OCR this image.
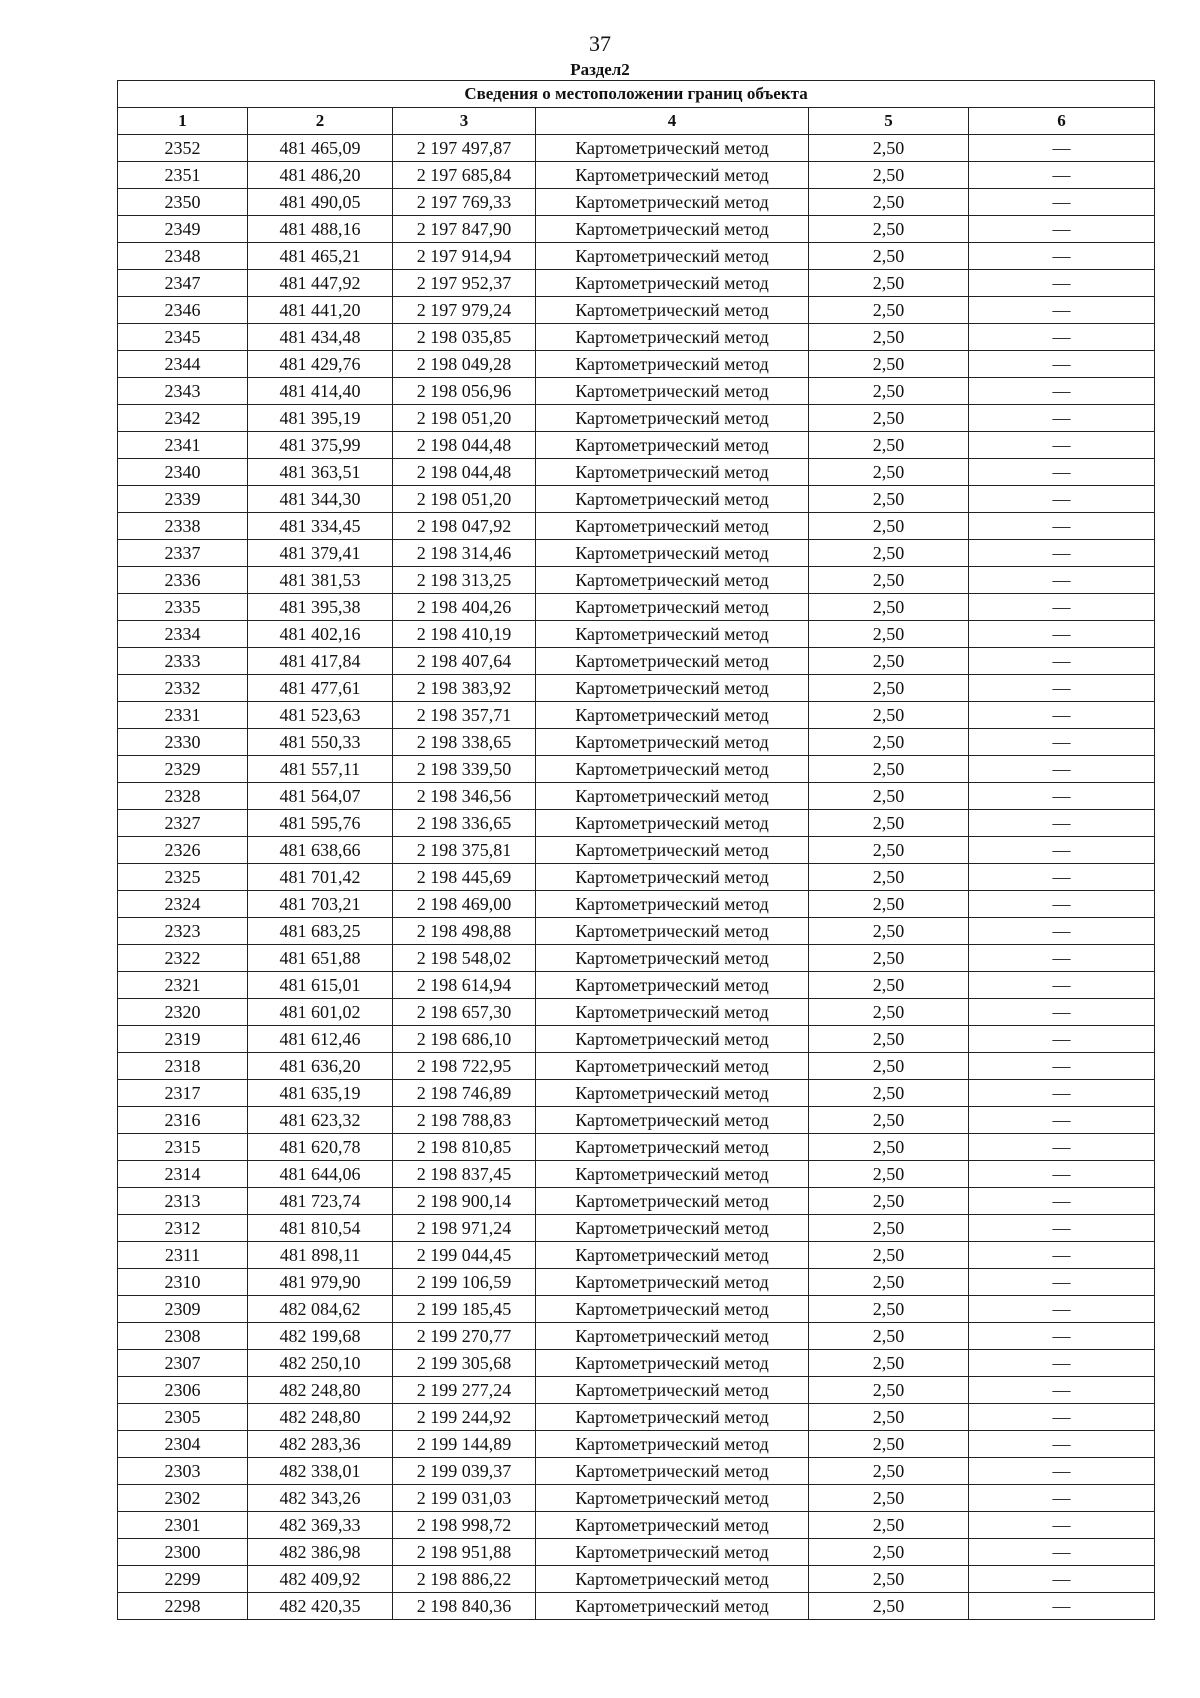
37
Раздел2
Сведения о местоположении границ объекта					
1	2	3	4	5	6
2352	481 465,09	2 197 497,87	Картометрический метод	2,50	—
2351	481 486,20	2 197 685,84	Картометрический метод	2,50	—
2350	481 490,05	2 197 769,33	Картометрический метод	2,50	—
2349	481 488,16	2 197 847,90	Картометрический метод	2,50	—
2348	481 465,21	2 197 914,94	Картометрический метод	2,50	—
2347	481 447,92	2 197 952,37	Картометрический метод	2,50	—
2346	481 441,20	2 197 979,24	Картометрический метод	2,50	—
2345	481 434,48	2 198 035,85	Картометрический метод	2,50	—
2344	481 429,76	2 198 049,28	Картометрический метод	2,50	—
2343	481 414,40	2 198 056,96	Картометрический метод	2,50	—
2342	481 395,19	2 198 051,20	Картометрический метод	2,50	—
2341	481 375,99	2 198 044,48	Картометрический метод	2,50	—
2340	481 363,51	2 198 044,48	Картометрический метод	2,50	—
2339	481 344,30	2 198 051,20	Картометрический метод	2,50	—
2338	481 334,45	2 198 047,92	Картометрический метод	2,50	—
2337	481 379,41	2 198 314,46	Картометрический метод	2,50	—
2336	481 381,53	2 198 313,25	Картометрический метод	2,50	—
2335	481 395,38	2 198 404,26	Картометрический метод	2,50	—
2334	481 402,16	2 198 410,19	Картометрический метод	2,50	—
2333	481 417,84	2 198 407,64	Картометрический метод	2,50	—
2332	481 477,61	2 198 383,92	Картометрический метод	2,50	—
2331	481 523,63	2 198 357,71	Картометрический метод	2,50	—
2330	481 550,33	2 198 338,65	Картометрический метод	2,50	—
2329	481 557,11	2 198 339,50	Картометрический метод	2,50	—
2328	481 564,07	2 198 346,56	Картометрический метод	2,50	—
2327	481 595,76	2 198 336,65	Картометрический метод	2,50	—
2326	481 638,66	2 198 375,81	Картометрический метод	2,50	—
2325	481 701,42	2 198 445,69	Картометрический метод	2,50	—
2324	481 703,21	2 198 469,00	Картометрический метод	2,50	—
2323	481 683,25	2 198 498,88	Картометрический метод	2,50	—
2322	481 651,88	2 198 548,02	Картометрический метод	2,50	—
2321	481 615,01	2 198 614,94	Картометрический метод	2,50	—
2320	481 601,02	2 198 657,30	Картометрический метод	2,50	—
2319	481 612,46	2 198 686,10	Картометрический метод	2,50	—
2318	481 636,20	2 198 722,95	Картометрический метод	2,50	—
2317	481 635,19	2 198 746,89	Картометрический метод	2,50	—
2316	481 623,32	2 198 788,83	Картометрический метод	2,50	—
2315	481 620,78	2 198 810,85	Картометрический метод	2,50	—
2314	481 644,06	2 198 837,45	Картометрический метод	2,50	—
2313	481 723,74	2 198 900,14	Картометрический метод	2,50	—
2312	481 810,54	2 198 971,24	Картометрический метод	2,50	—
2311	481 898,11	2 199 044,45	Картометрический метод	2,50	—
2310	481 979,90	2 199 106,59	Картометрический метод	2,50	—
2309	482 084,62	2 199 185,45	Картометрический метод	2,50	—
2308	482 199,68	2 199 270,77	Картометрический метод	2,50	—
2307	482 250,10	2 199 305,68	Картометрический метод	2,50	—
2306	482 248,80	2 199 277,24	Картометрический метод	2,50	—
2305	482 248,80	2 199 244,92	Картометрический метод	2,50	—
2304	482 283,36	2 199 144,89	Картометрический метод	2,50	—
2303	482 338,01	2 199 039,37	Картометрический метод	2,50	—
2302	482 343,26	2 199 031,03	Картометрический метод	2,50	—
2301	482 369,33	2 198 998,72	Картометрический метод	2,50	—
2300	482 386,98	2 198 951,88	Картометрический метод	2,50	—
2299	482 409,92	2 198 886,22	Картометрический метод	2,50	—
2298	482 420,35	2 198 840,36	Картометрический метод	2,50	—
